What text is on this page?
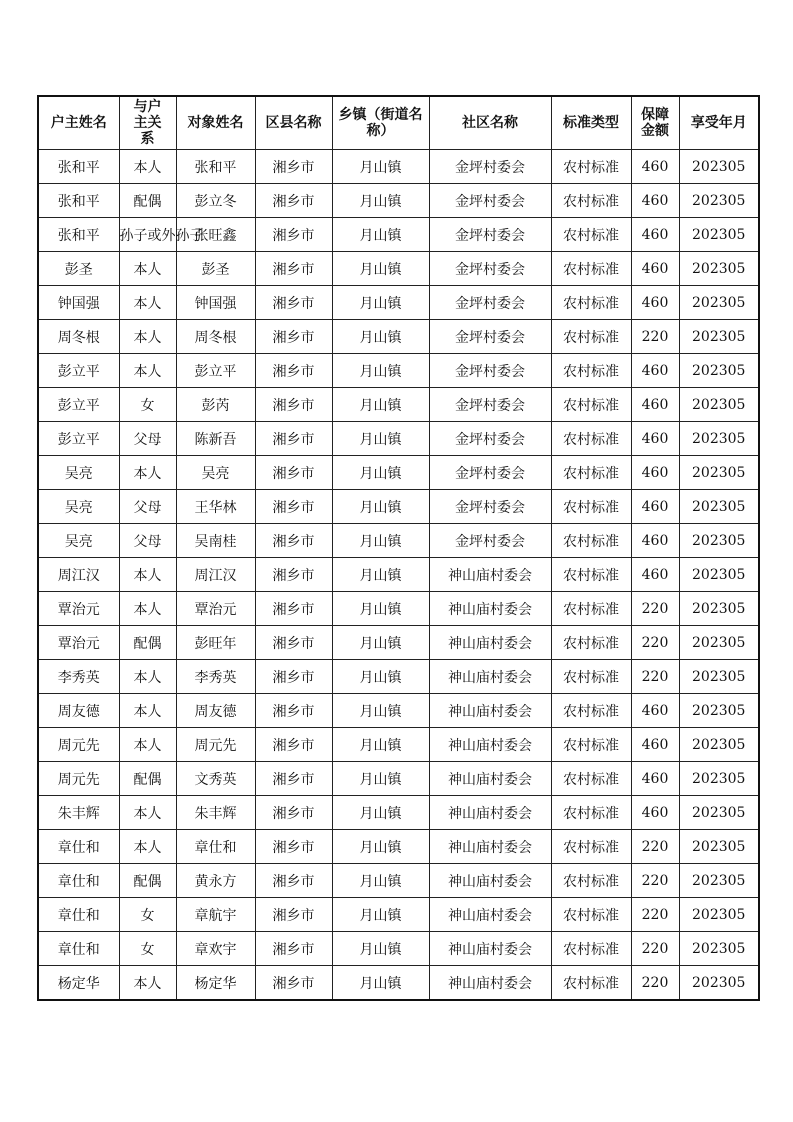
户主姓名	与户主关系	对象姓名	区县名称	乡镇（街道名称）	社区名称	标准类型	保障金额	享受年月
张和平	本人	张和平	湘乡市	月山镇	金坪村委会	农村标准	460	202305
张和平	配偶	彭立冬	湘乡市	月山镇	金坪村委会	农村标准	460	202305
张和平	孙子或外孙子	张旺鑫	湘乡市	月山镇	金坪村委会	农村标准	460	202305
彭圣	本人	彭圣	湘乡市	月山镇	金坪村委会	农村标准	460	202305
钟国强	本人	钟国强	湘乡市	月山镇	金坪村委会	农村标准	460	202305
周冬根	本人	周冬根	湘乡市	月山镇	金坪村委会	农村标准	220	202305
彭立平	本人	彭立平	湘乡市	月山镇	金坪村委会	农村标准	460	202305
彭立平	女	彭芮	湘乡市	月山镇	金坪村委会	农村标准	460	202305
彭立平	父母	陈新吾	湘乡市	月山镇	金坪村委会	农村标准	460	202305
吴亮	本人	吴亮	湘乡市	月山镇	金坪村委会	农村标准	460	202305
吴亮	父母	王华林	湘乡市	月山镇	金坪村委会	农村标准	460	202305
吴亮	父母	吴南桂	湘乡市	月山镇	金坪村委会	农村标准	460	202305
周江汉	本人	周江汉	湘乡市	月山镇	神山庙村委会	农村标准	460	202305
覃治元	本人	覃治元	湘乡市	月山镇	神山庙村委会	农村标准	220	202305
覃治元	配偶	彭旺年	湘乡市	月山镇	神山庙村委会	农村标准	220	202305
李秀英	本人	李秀英	湘乡市	月山镇	神山庙村委会	农村标准	220	202305
周友德	本人	周友德	湘乡市	月山镇	神山庙村委会	农村标准	460	202305
周元先	本人	周元先	湘乡市	月山镇	神山庙村委会	农村标准	460	202305
周元先	配偶	文秀英	湘乡市	月山镇	神山庙村委会	农村标准	460	202305
朱丰辉	本人	朱丰辉	湘乡市	月山镇	神山庙村委会	农村标准	460	202305
章仕和	本人	章仕和	湘乡市	月山镇	神山庙村委会	农村标准	220	202305
章仕和	配偶	黄永方	湘乡市	月山镇	神山庙村委会	农村标准	220	202305
章仕和	女	章航宇	湘乡市	月山镇	神山庙村委会	农村标准	220	202305
章仕和	女	章欢宇	湘乡市	月山镇	神山庙村委会	农村标准	220	202305
杨定华	本人	杨定华	湘乡市	月山镇	神山庙村委会	农村标准	220	202305
